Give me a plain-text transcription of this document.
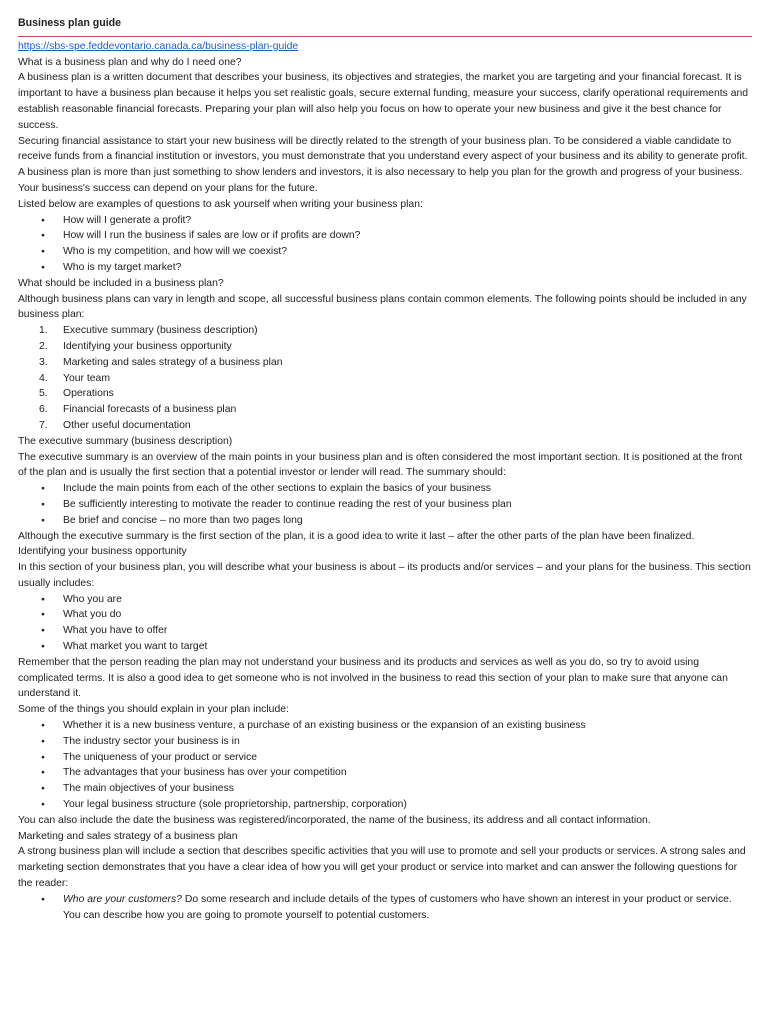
Business plan guide
https://sbs-spe.feddevontario.canada.ca/business-plan-guide

What is a business plan and why do I need one?

A business plan is a written document that describes your business, its objectives and strategies, the market you are targeting and your financial forecast. It is important to have a business plan because it helps you set realistic goals, secure external funding, measure your success, clarify operational requirements and establish reasonable financial forecasts. Preparing your plan will also help you focus on how to operate your new business and give it the best chance for success.

Securing financial assistance to start your new business will be directly related to the strength of your business plan. To be considered a viable candidate to receive funds from a financial institution or investors, you must demonstrate that you understand every aspect of your business and its ability to generate profit.

A business plan is more than just something to show lenders and investors, it is also necessary to help you plan for the growth and progress of your business. Your business's success can depend on your plans for the future.

Listed below are examples of questions to ask yourself when writing your business plan:

● How will I generate a profit?
● How will I run the business if sales are low or if profits are down?
● Who is my competition, and how will we coexist?
● Who is my target market?

What should be included in a business plan?

Although business plans can vary in length and scope, all successful business plans contain common elements. The following points should be included in any business plan:

1. Executive summary (business description)
2. Identifying your business opportunity
3. Marketing and sales strategy of a business plan
4. Your team
5. Operations
6. Financial forecasts of a business plan
7. Other useful documentation

The executive summary (business description)

The executive summary is an overview of the main points in your business plan and is often considered the most important section. It is positioned at the front of the plan and is usually the first section that a potential investor or lender will read. The summary should:

● Include the main points from each of the other sections to explain the basics of your business
● Be sufficiently interesting to motivate the reader to continue reading the rest of your business plan
● Be brief and concise – no more than two pages long

Although the executive summary is the first section of the plan, it is a good idea to write it last – after the other parts of the plan have been finalized.

Identifying your business opportunity

In this section of your business plan, you will describe what your business is about – its products and/or services – and your plans for the business. This section usually includes:

● Who you are
● What you do
● What you have to offer
● What market you want to target

Remember that the person reading the plan may not understand your business and its products and services as well as you do, so try to avoid using complicated terms. It is also a good idea to get someone who is not involved in the business to read this section of your plan to make sure that anyone can understand it.

Some of the things you should explain in your plan include:

● Whether it is a new business venture, a purchase of an existing business or the expansion of an existing business
● The industry sector your business is in
● The uniqueness of your product or service
● The advantages that your business has over your competition
● The main objectives of your business
● Your legal business structure (sole proprietorship, partnership, corporation)

You can also include the date the business was registered/incorporated, the name of the business, its address and all contact information.

Marketing and sales strategy of a business plan

A strong business plan will include a section that describes specific activities that you will use to promote and sell your products or services. A strong sales and marketing section demonstrates that you have a clear idea of how you will get your product or service into market and can answer the following questions for the reader:

● Who are your customers? Do some research and include details of the types of customers who have shown an interest in your product or service. You can describe how you are going to promote yourself to potential customers.
